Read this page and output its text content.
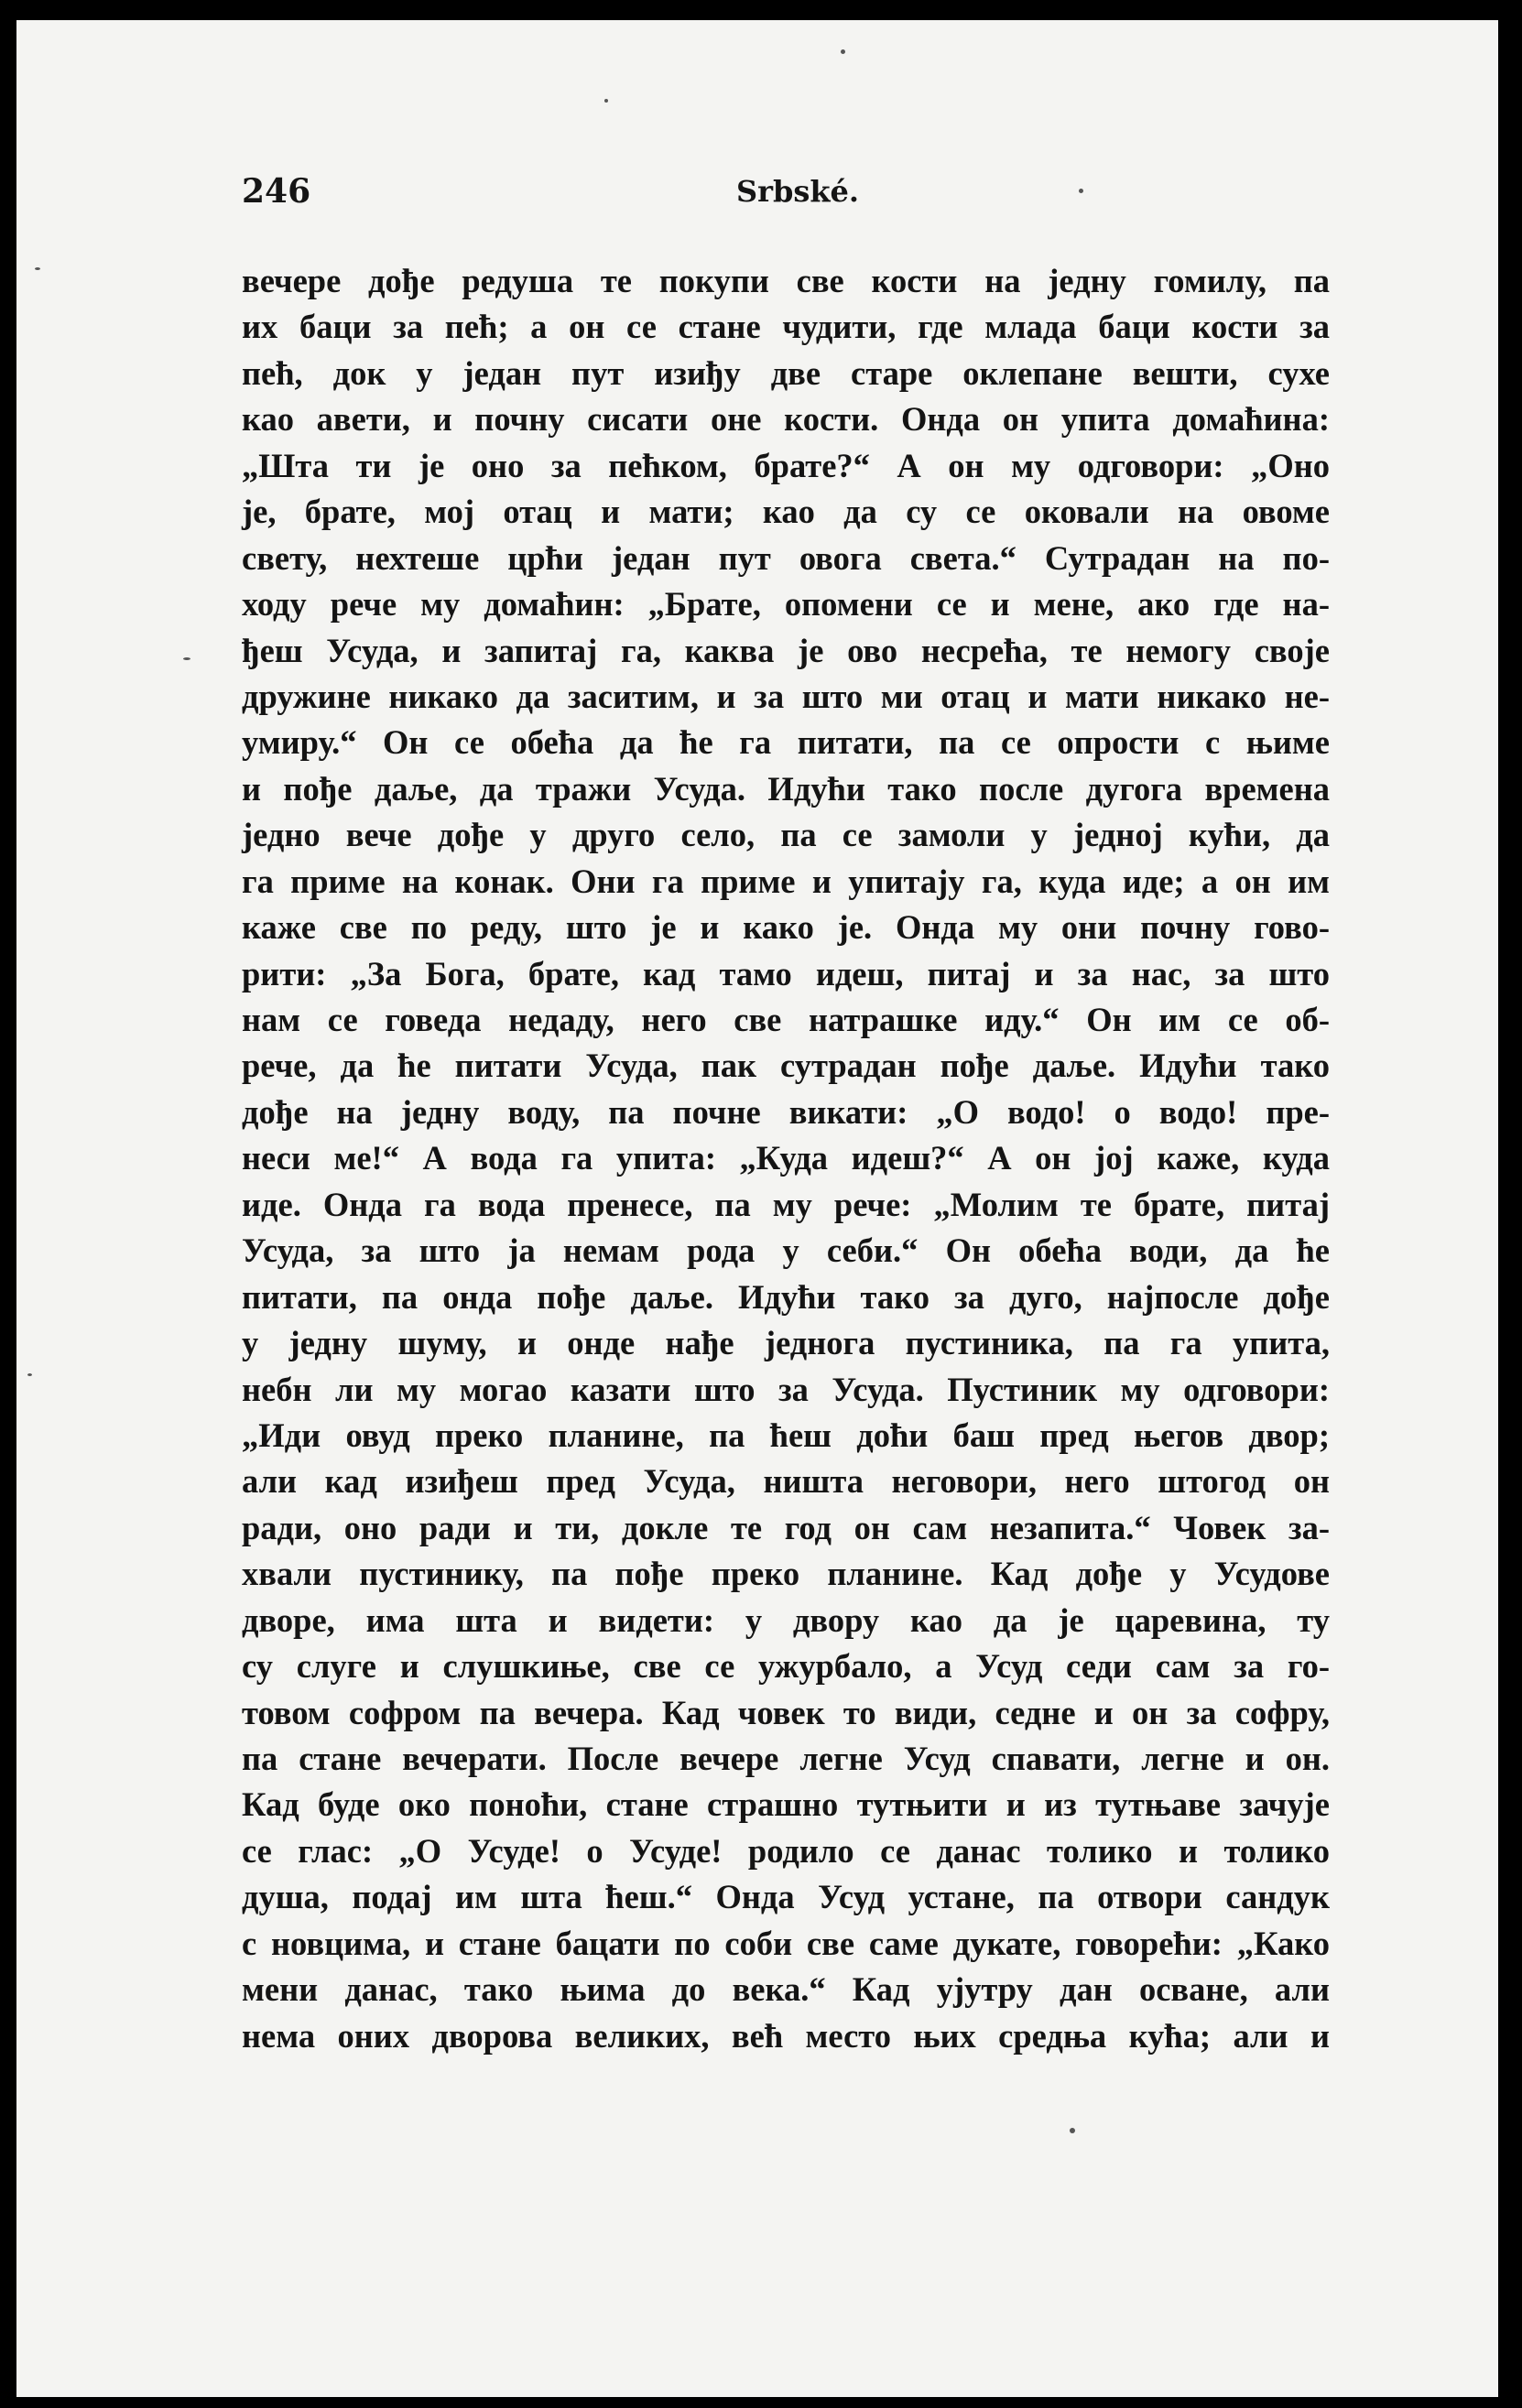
246	Srbské.
вечере дође редуша те покупи све кости на једну гомилу, па
их баци за пећ; а он се стане чудити, где млада баци кости за
пећ, док у један пут изиђу две старе оклепане вешти, сухе
као авети, и почну сисати оне кости. Онда он упита домаћина:
„Шта ти је оно за пећком, брате?“ А он му одговори: „Оно
је, брате, мој отац и мати; као да су се оковали на овоме
свету, нехтеше црћи један пут овога света.“ Сутрадан на по-
ходу рече му домаћин: „Брате, опомени се и мене, ако где на-
ђеш Усуда, и запитај га, каква је ово несрећа, те немогу своје
дружине никако да заситим, и за што ми отац и мати никако не-
умиру.“ Он се обећа да ће га питати, па се опрости с њиме
и пође даље, да тражи Усуда. Идући тако после дугога времена
једно вече дође у друго село, па се замоли у једној кући, да
га приме на конак. Они га приме и упитају га, куда иде; а он им
каже све по реду, што је и како је. Онда му они почну гово-
рити: „За Бога, брате, кад тамо идеш, питај и за нас, за што
нам се говеда недаду, него све натрашке иду.“ Он им се об-
рече, да ће питати Усуда, пак сутрадан пође даље. Идући тако
дође на једну воду, па почне викати: „О водо! о водо! пре-
неси ме!“ А вода га упита: „Куда идеш?“ А он јој каже, куда
иде. Онда га вода пренесе, па му рече: „Молим те брате, питај
Усуда, за што ја немам рода у себи.“ Он обећа води, да ће
питати, па онда пође даље. Идући тако за дуго, најпосле дође
у једну шуму, и онде нађе једнога пустиника, па га упита,
небн ли му могао казати што за Усуда. Пустиник му одговори:
„Иди овуд преко планине, па ћеш доћи баш пред његов двор;
али кад изиђеш пред Усуда, ништа неговори, него штогод он
ради, оно ради и ти, докле те год он сам незапита.“ Човек за-
хвали пустинику, па пође преко планине. Кад дође у Усудове
дворе, има шта и видети: у двору као да је царевина, ту
су слуге и слушкиње, све се ужурбало, а Усуд седи сам за го-
товом софром па вечера. Кад човек то види, седне и он за софру,
па стане вечерати. После вечере легне Усуд спавати, легне и он.
Кад буде око поноћи, стане страшно тутњити и из тутњаве зачује
се глас: „О Усуде! о Усуде! родило се данас толико и толико
душа, подај им шта ћеш.“ Онда Усуд устане, па отвори сандук
с новцима, и стане бацати по соби све саме дукате, говорећи: „Како
мени данас, тако њима до века.“ Кад ујутру дан осване, али
нема оних дворова великих, већ место њих средња кућа; али и
